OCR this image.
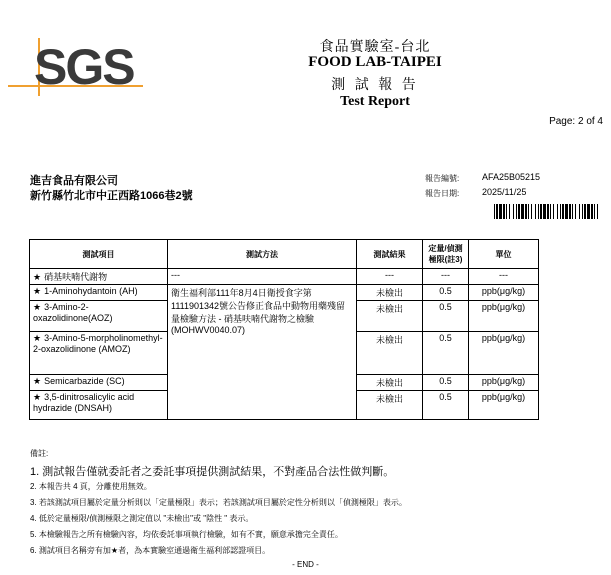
SGS	食品實驗室-台北
FOOD LAB-TAIPEI
測 試 報 告
Test Report
Page: 2 of 4
進吉食品有限公司
新竹縣竹北市中正西路1066巷2號
報告編號:	AFA25B05215
報告日期:	2025/11/25
測試項目	測試方法	測試結果	定量/偵測極限(註3)	單位
★ 硝基呋喃代謝物	---	---	---	---
★ 1-Aminohydantoin (AH)	衛生福利部111年8月4日衛授食字第1111901342號公告修正食品中動物用藥殘留量檢驗方法 - 硝基呋喃代謝物之檢驗(MOHWV0040.07)	未檢出	0.5	ppb(μg/kg)
★ 3-Amino-2-oxazolidinone(AOZ)		未檢出	0.5	ppb(μg/kg)
★ 3-Amino-5-morpholinomethyl-2-oxazolidinone (AMOZ)		未檢出	0.5	ppb(μg/kg)
★ Semicarbazide (SC)		未檢出	0.5	ppb(μg/kg)
★ 3,5-dinitrosalicylic acid hydrazide (DNSAH)		未檢出	0.5	ppb(μg/kg)
備註:
1. 測試報告僅就委託者之委託事項提供測試結果，不對產品合法性做判斷。
2. 本報告共 4 頁，分離使用無效。
3. 若該測試項目屬於定量分析則以「定量極限」表示；若該測試項目屬於定性分析則以「偵測極限」表示。
4. 低於定量極限/偵測極限之測定值以 "未檢出"或 "陰性 " 表示。
5. 本檢驗報告之所有檢驗內容，均依委託事項執行檢驗，如有不實，願意承擔完全責任。
6. 測試項目名稱旁有加★者，為本實驗室通過衛生福利部認證項目。
- END -
